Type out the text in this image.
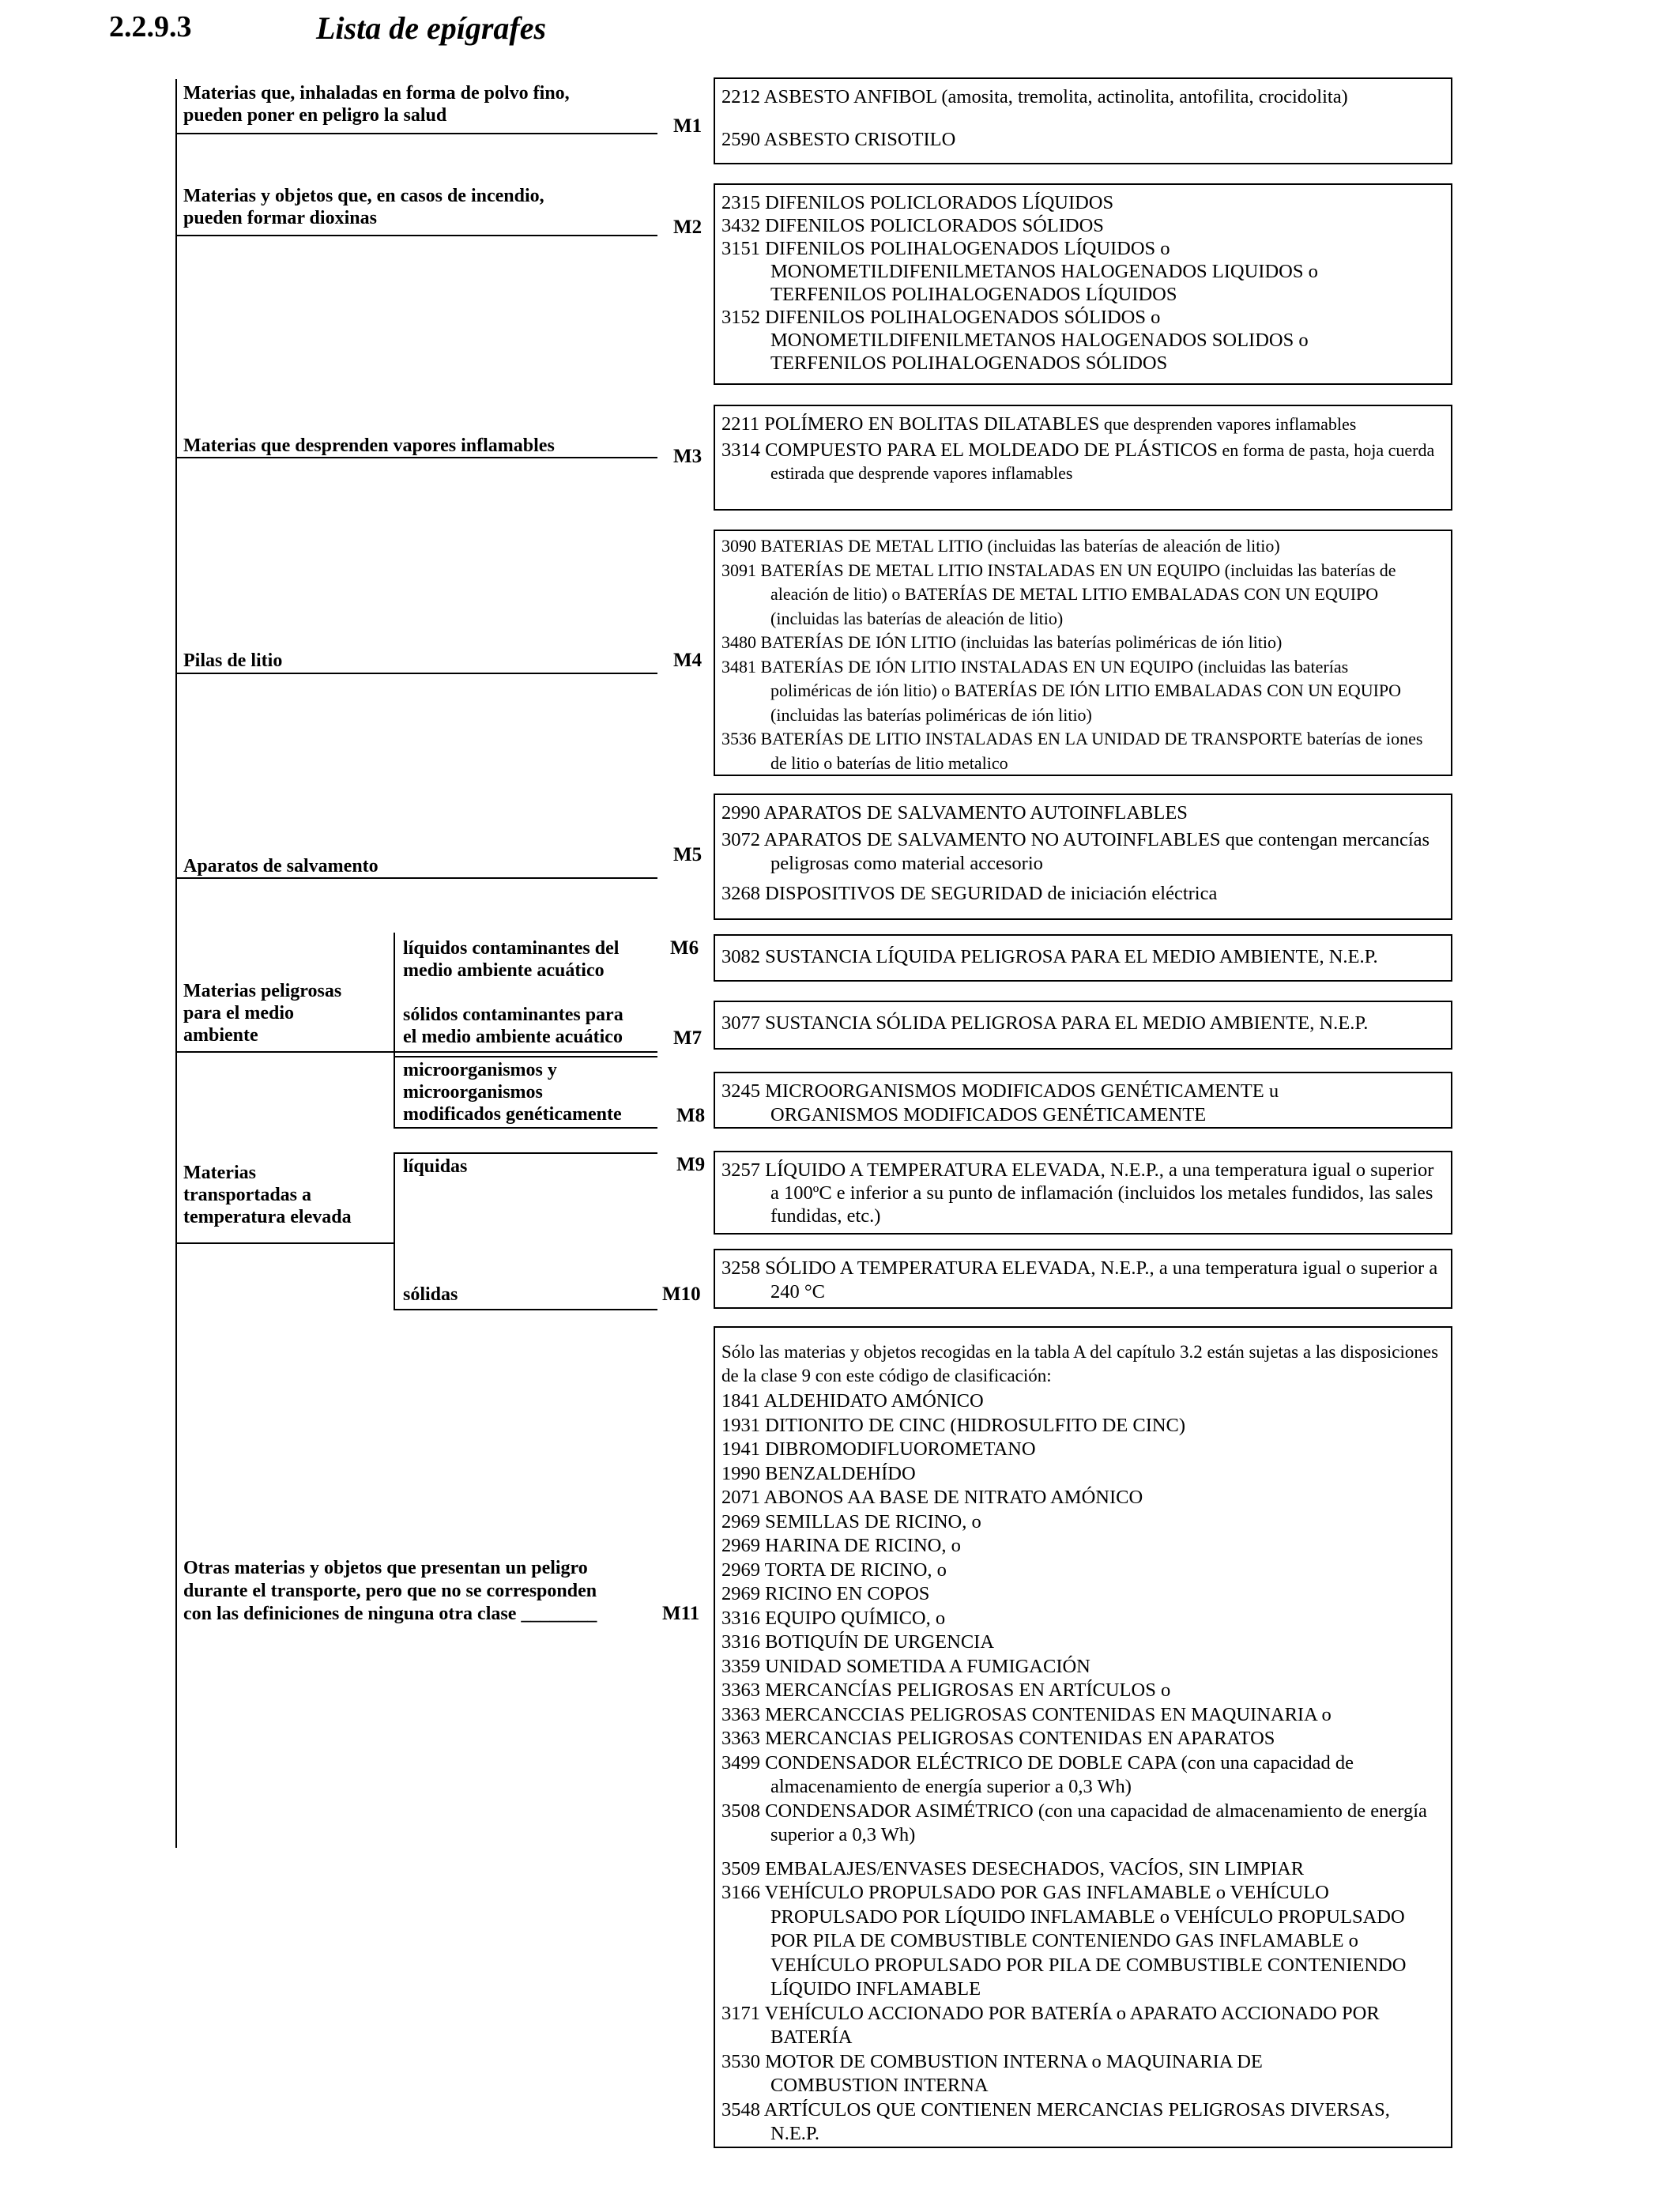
2.2.9.3	Lista de epígrafes
Materias que, inhaladas en forma de polvo fino,
pueden poner en peligro la salud	M1
2212 ASBESTO ANFIBOL (amosita, tremolita, actinolita, antofilita, crocidolita)
2590 ASBESTO CRISOTILO
Materias y objetos que, en casos de incendio,
pueden formar dioxinas	M2
2315 DIFENILOS POLICLORADOS LÍQUIDOS
3432 DIFENILOS POLICLORADOS SÓLIDOS
3151 DIFENILOS POLIHALOGENADOS LÍQUIDOS o MONOMETILDIFENILMETANOS HALOGENADOS LIQUIDOS o TERFENILOS POLIHALOGENADOS LÍQUIDOS
3152 DIFENILOS POLIHALOGENADOS SÓLIDOS o MONOMETILDIFENILMETANOS HALOGENADOS SOLIDOS o TERFENILOS POLIHALOGENADOS SÓLIDOS
Materias que desprenden vapores inflamables	M3
2211 POLÍMERO EN BOLITAS DILATABLES que desprenden vapores inflamables
3314 COMPUESTO PARA EL MOLDEADO DE PLÁSTICOS en forma de pasta, hoja cuerda estirada que desprende vapores inflamables
Pilas de litio	M4
3090 BATERIAS DE METAL LITIO (incluidas las baterías de aleación de litio)
3091 BATERÍAS DE METAL LITIO INSTALADAS EN UN EQUIPO (incluidas las baterías de aleación de litio) o BATERÍAS DE METAL LITIO EMBALADAS CON UN EQUIPO (incluidas las baterías de aleación de litio)
3480 BATERÍAS DE IÓN LITIO (incluidas las baterías poliméricas de ión litio)
3481 BATERÍAS DE IÓN LITIO INSTALADAS EN UN EQUIPO (incluidas las baterías poliméricas de ión litio) o BATERÍAS DE IÓN LITIO EMBALADAS CON UN EQUIPO (incluidas las baterías poliméricas de ión litio)
3536 BATERÍAS DE LITIO INSTALADAS EN LA UNIDAD DE TRANSPORTE baterías de iones de litio o baterías de litio metalico
Aparatos de salvamento
M5
2990 APARATOS DE SALVAMENTO AUTOINFLABLES
3072 APARATOS DE SALVAMENTO NO AUTOINFLABLES que contengan mercancías peligrosas como material accesorio
3268 DISPOSITIVOS DE SEGURIDAD de iniciación eléctrica
Materias peligrosas
para el medio
ambiente
líquidos contaminantes del
medio ambiente acuático
M6 3082 SUSTANCIA LÍQUIDA PELIGROSA PARA EL MEDIO AMBIENTE, N.E.P.
sólidos contaminantes para
el medio ambiente acuático	M7
3077 SUSTANCIA SÓLIDA PELIGROSA PARA EL MEDIO AMBIENTE, N.E.P.
microorganismos y
microorganismos
modificados genéticamente	M8
3245 MICROORGANISMOS MODIFICADOS GENÉTICAMENTE u ORGANISMOS MODIFICADOS GENÉTICAMENTE
Materias
transportadas a
temperatura elevada
líquidas	M9 3257 LÍQUIDO A TEMPERATURA ELEVADA, N.E.P., a una temperatura igual o superior a 100ºC e inferior a su punto de inflamación (incluidos los metales fundidos, las sales fundidas, etc.)
sólidas	M10
3258 SÓLIDO A TEMPERATURA ELEVADA, N.E.P., a una temperatura igual o superior a 240 °C
Otras materias y objetos que presentan un peligro
durante el transporte, pero que no se corresponden
con las definiciones de ninguna otra clase ________	M11
Sólo las materias y objetos recogidas en la tabla A del capítulo 3.2 están sujetas a las disposiciones de la clase 9 con este código de clasificación:
1841 ALDEHIDATO AMÓNICO
1931 DITIONITO DE CINC (HIDROSULFITO DE CINC)
1941 DIBROMODIFLUOROMETANO
1990 BENZALDEHÍDO
2071 ABONOS AA BASE DE NITRATO AMÓNICO
2969 SEMILLAS DE RICINO, o
2969 HARINA DE RICINO, o
2969 TORTA DE RICINO, o
2969 RICINO EN COPOS
3316 EQUIPO QUÍMICO, o
3316 BOTIQUÍN DE URGENCIA
3359 UNIDAD SOMETIDA A FUMIGACIÓN
3363 MERCANCÍAS PELIGROSAS EN ARTÍCULOS o
3363 MERCANCCIAS PELIGROSAS CONTENIDAS EN MAQUINARIA o
3363 MERCANCIAS PELIGROSAS CONTENIDAS EN APARATOS
3499 CONDENSADOR ELÉCTRICO DE DOBLE CAPA (con una capacidad de almacenamiento de energía superior a 0,3 Wh)
3508 CONDENSADOR ASIMÉTRICO (con una capacidad de almacenamiento de energía superior a 0,3 Wh)
3509 EMBALAJES/ENVASES DESECHADOS, VACÍOS, SIN LIMPIAR
3166 VEHÍCULO PROPULSADO POR GAS INFLAMABLE o VEHÍCULO PROPULSADO POR LÍQUIDO INFLAMABLE o VEHÍCULO PROPULSADO POR PILA DE COMBUSTIBLE CONTENIENDO GAS INFLAMABLE o VEHÍCULO PROPULSADO POR PILA DE COMBUSTIBLE CONTENIENDO LÍQUIDO INFLAMABLE
3171 VEHÍCULO ACCIONADO POR BATERÍA o APARATO ACCIONADO POR BATERÍA
3530 MOTOR DE COMBUSTION INTERNA o MAQUINARIA DE COMBUSTION INTERNA
3548 ARTÍCULOS QUE CONTIENEN MERCANCIAS PELIGROSAS DIVERSAS, N.E.P.
